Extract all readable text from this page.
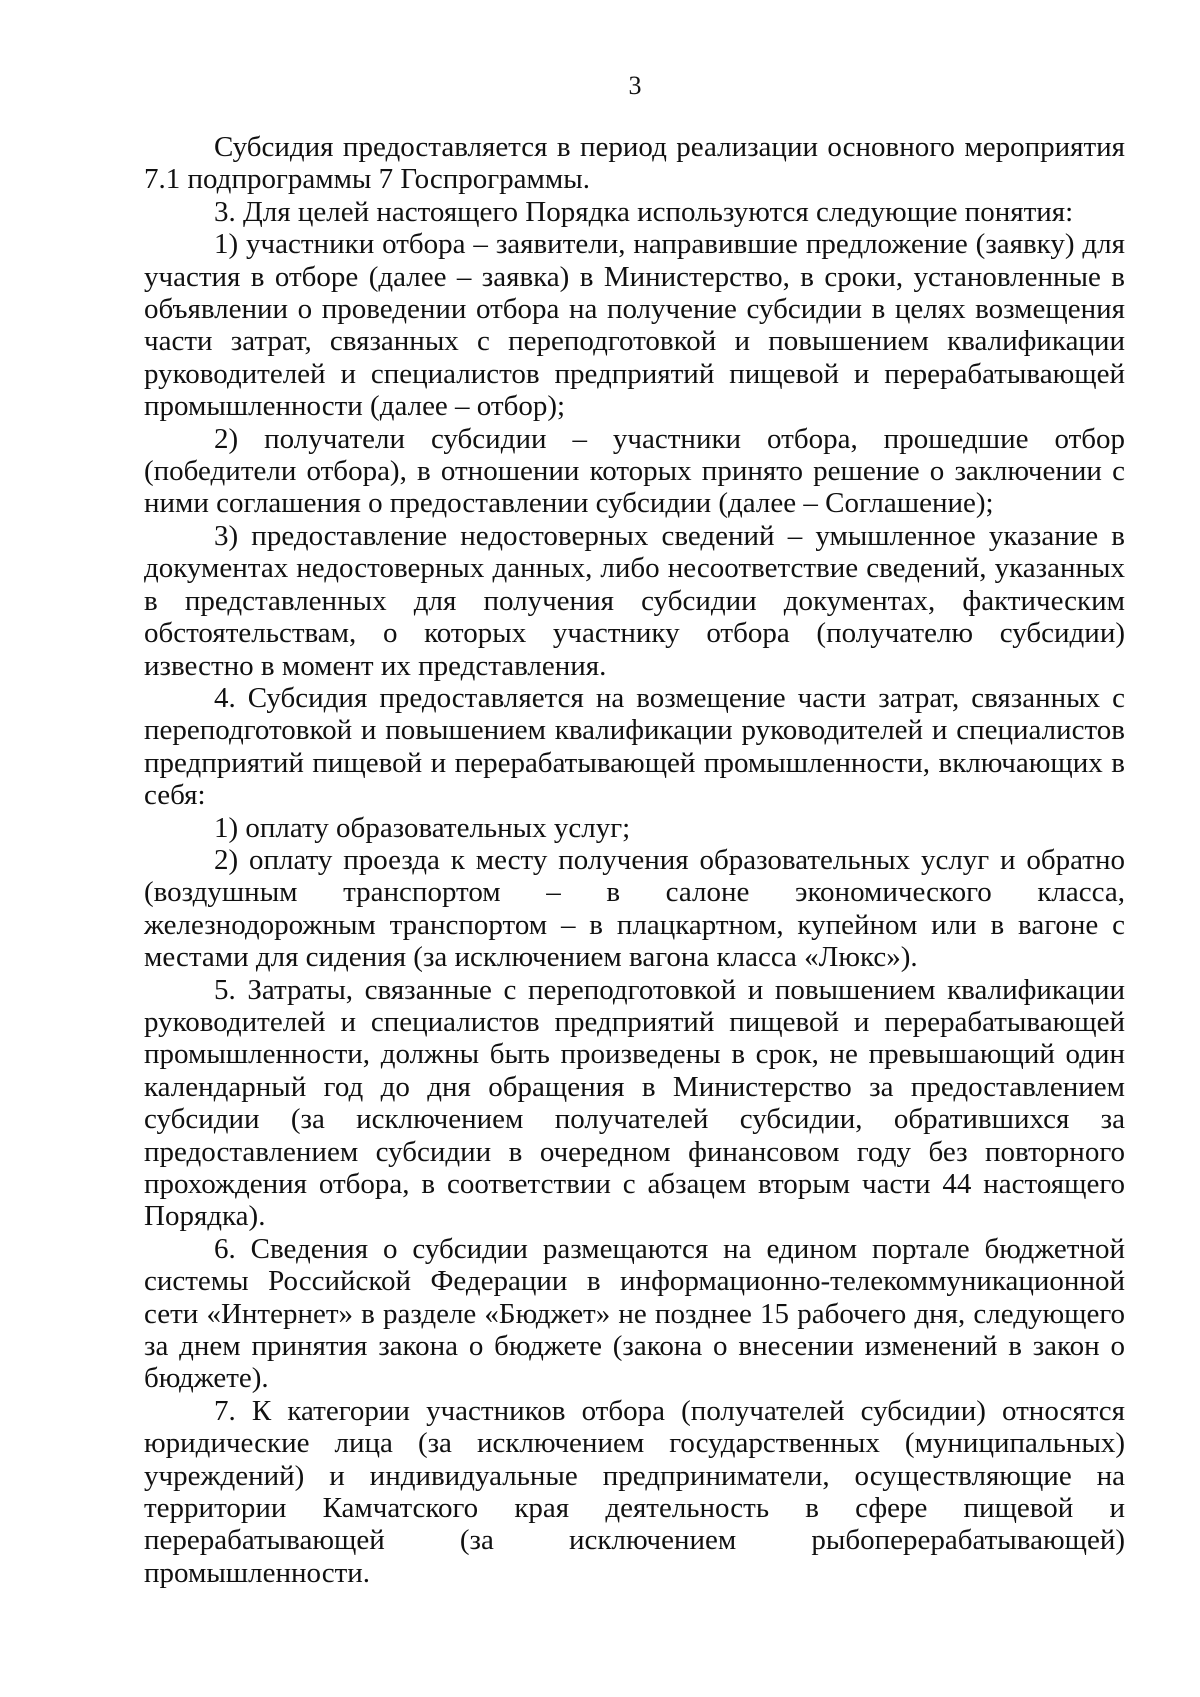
3

Субсидия предоставляется в период реализации основного мероприятия 7.1 подпрограммы 7 Госпрограммы.

3. Для целей настоящего Порядка используются следующие понятия:

1) участники отбора – заявители, направившие предложение (заявку) для участия в отборе (далее – заявка) в Министерство, в сроки, установленные в объявлении о проведении отбора на получение субсидии в целях возмещения части затрат, связанных с переподготовкой и повышением квалификации руководителей и специалистов предприятий пищевой и перерабатывающей промышленности (далее – отбор);

2) получатели субсидии – участники отбора, прошедшие отбор (победители отбора), в отношении которых принято решение о заключении с ними соглашения о предоставлении субсидии (далее – Соглашение);

3) предоставление недостоверных сведений – умышленное указание в документах недостоверных данных, либо несоответствие сведений, указанных в представленных для получения субсидии документах, фактическим обстоятельствам, о которых участнику отбора (получателю субсидии) известно в момент их представления.

4. Субсидия предоставляется на возмещение части затрат, связанных с переподготовкой и повышением квалификации руководителей и специалистов предприятий пищевой и перерабатывающей промышленности, включающих в себя:

1) оплату образовательных услуг;

2) оплату проезда к месту получения образовательных услуг и обратно (воздушным транспортом – в салоне экономического класса, железнодорожным транспортом – в плацкартном, купейном или в вагоне с местами для сидения (за исключением вагона класса «Люкс»).

5. Затраты, связанные с переподготовкой и повышением квалификации руководителей и специалистов предприятий пищевой и перерабатывающей промышленности, должны быть произведены в срок, не превышающий один календарный год до дня обращения в Министерство за предоставлением субсидии (за исключением получателей субсидии, обратившихся за предоставлением субсидии в очередном финансовом году без повторного прохождения отбора, в соответствии с абзацем вторым части 44 настоящего Порядка).

6. Сведения о субсидии размещаются на едином портале бюджетной системы Российской Федерации в информационно-телекоммуникационной сети «Интернет» в разделе «Бюджет» не позднее 15 рабочего дня, следующего за днем принятия закона о бюджете (закона о внесении изменений в закон о бюджете).

7. К категории участников отбора (получателей субсидии) относятся юридические лица (за исключением государственных (муниципальных) учреждений) и индивидуальные предприниматели, осуществляющие на территории Камчатского края деятельность в сфере пищевой и перерабатывающей (за исключением рыбоперерабатывающей) промышленности.
